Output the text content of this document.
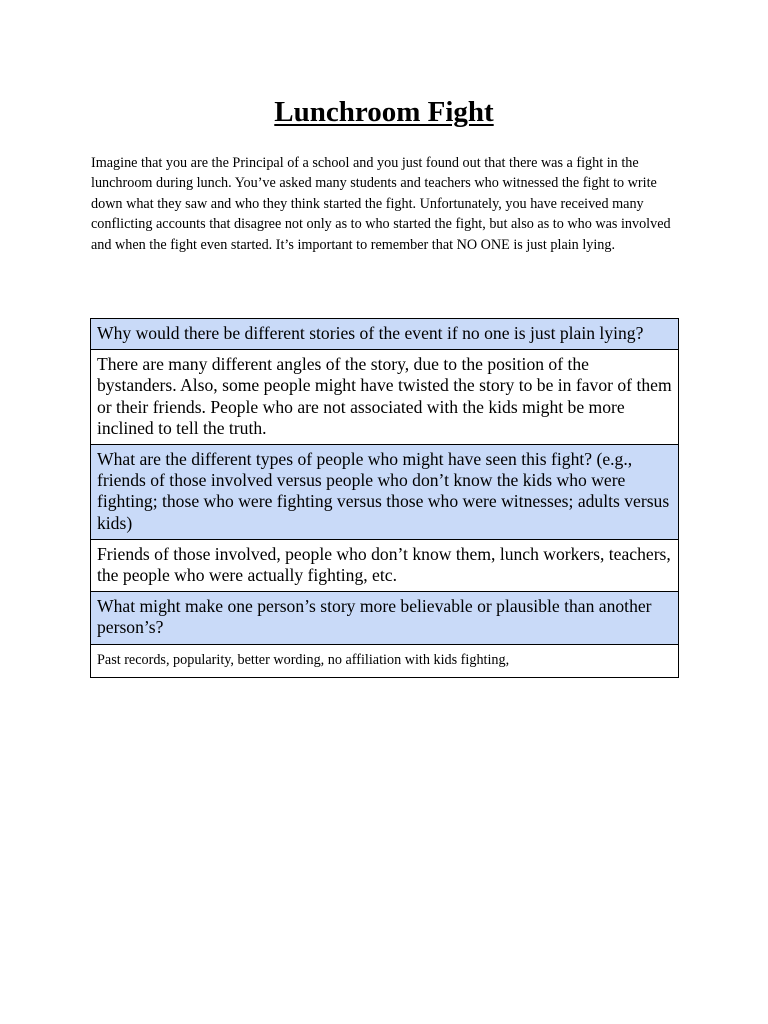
Lunchroom Fight
Imagine that you are the Principal of a school and you just found out that there was a fight in the lunchroom during lunch. You’ve asked many students and teachers who witnessed the fight to write down what they saw and who they think started the fight. Unfortunately, you have received many conflicting accounts that disagree not only as to who started the fight, but also as to who was involved and when the fight even started. It’s important to remember that NO ONE is just plain lying.
Why would there be different stories of the event if no one is just plain lying?
There are many different angles of the story, due to the position of the bystanders. Also, some people might have twisted the story to be in favor of them or their friends. People who are not associated with the kids might be more inclined to tell the truth.
What are the different types of people who might have seen this fight? (e.g., friends of those involved versus people who don’t know the kids who were fighting; those who were fighting versus those who were witnesses; adults versus kids)
Friends of those involved, people who don’t know them, lunch workers, teachers, the people who were actually fighting, etc.
What might make one person’s story more believable or plausible than another person’s?
Past records, popularity, better wording, no affiliation with kids fighting,
